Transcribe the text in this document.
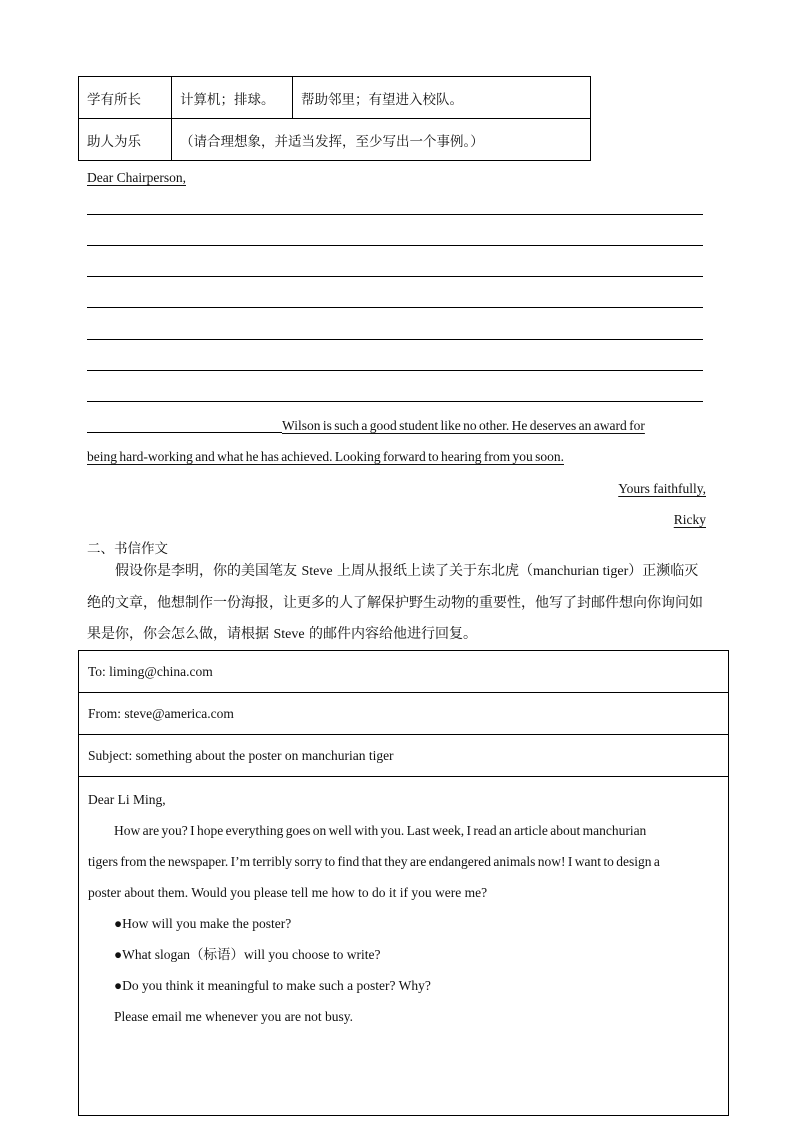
学有所长	计算机；排球。	帮助邻里；有望进入校队。
助人为乐	（请合理想象，并适当发挥，至少写出一个事例。）	
Dear Chairperson,
Wilson is such a good student like no other. He deserves an award for
being hard-working and what he has achieved. Looking forward to hearing from you soon.
Yours faithfully,
Ricky
二、书信作文
假设你是李明，你的美国笔友 Steve 上周从报纸上读了关于东北虎（manchurian tiger）正濒临灭绝的文章，他想制作一份海报，让更多的人了解保护野生动物的重要性，他写了封邮件想向你询问如果是你，你会怎么做，请根据 Steve 的邮件内容给他进行回复。
To: liming@china.com
From: steve@america.com
Subject: something about the poster on manchurian tiger

Dear Li Ming,

How are you? I hope everything goes on well with you. Last week, I read an article about manchurian

tigers from the newspaper. I’m terribly sorry to find that they are endangered animals now! I want to design a

poster about them. Would you please tell me how to do it if you were me?

●How will you make the poster?

●What slogan（标语）will you choose to write?

●Do you think it meaningful to make such a poster? Why?

Please email me whenever you are not busy.
